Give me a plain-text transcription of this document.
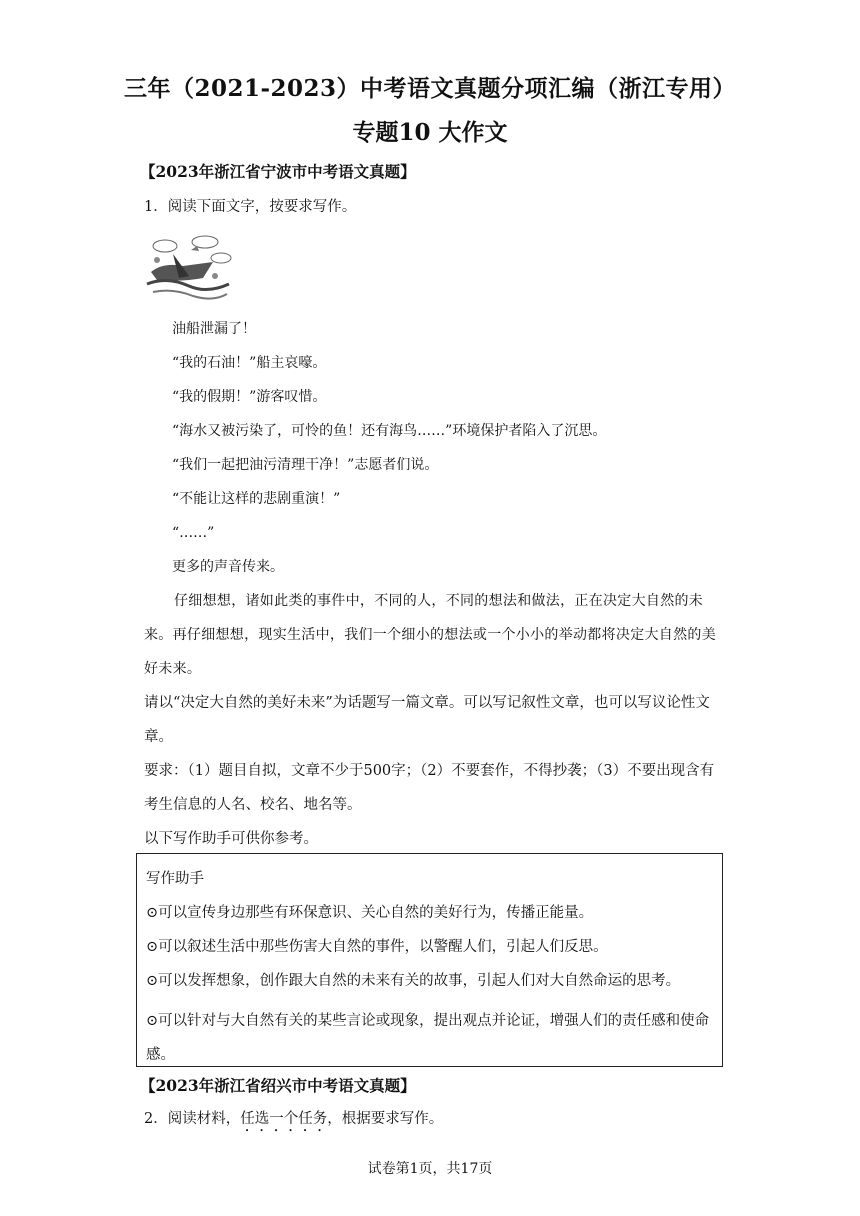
三年（2021-2023）中考语文真题分项汇编（浙江专用）
专题10 大作文
【2023年浙江省宁波市中考语文真题】
1．阅读下面文字，按要求写作。
油船泄漏了！
“我的石油！”船主哀嚎。
“我的假期！”游客叹惜。
“海水又被污染了，可怜的鱼！还有海鸟……”环境保护者陷入了沉思。
“我们一起把油污清理干净！”志愿者们说。
“不能让这样的悲剧重演！”
“……”
更多的声音传来。
仔细想想，诸如此类的事件中，不同的人，不同的想法和做法，正在决定大自然的未来。再仔细想想，现实生活中，我们一个细小的想法或一个小小的举动都将决定大自然的美好未来。
请以“决定大自然的美好未来”为话题写一篇文章。可以写记叙性文章，也可以写议论性文章。
要求：（1）题目自拟，文章不少于500字；（2）不要套作，不得抄袭；（3）不要出现含有考生信息的人名、校名、地名等。
以下写作助手可供你参考。
写作助手
⊙可以宣传身边那些有环保意识、关心自然的美好行为，传播正能量。
⊙可以叙述生活中那些伤害大自然的事件，以警醒人们，引起人们反思。
⊙可以发挥想象，创作跟大自然的未来有关的故事，引起人们对大自然命运的思考。
⊙可以针对与大自然有关的某些言论或现象，提出观点并论证，增强人们的责任感和使命感。
【2023年浙江省绍兴市中考语文真题】
2．阅读材料，任选一个任务，根据要求写作。
试卷第1页，共17页
